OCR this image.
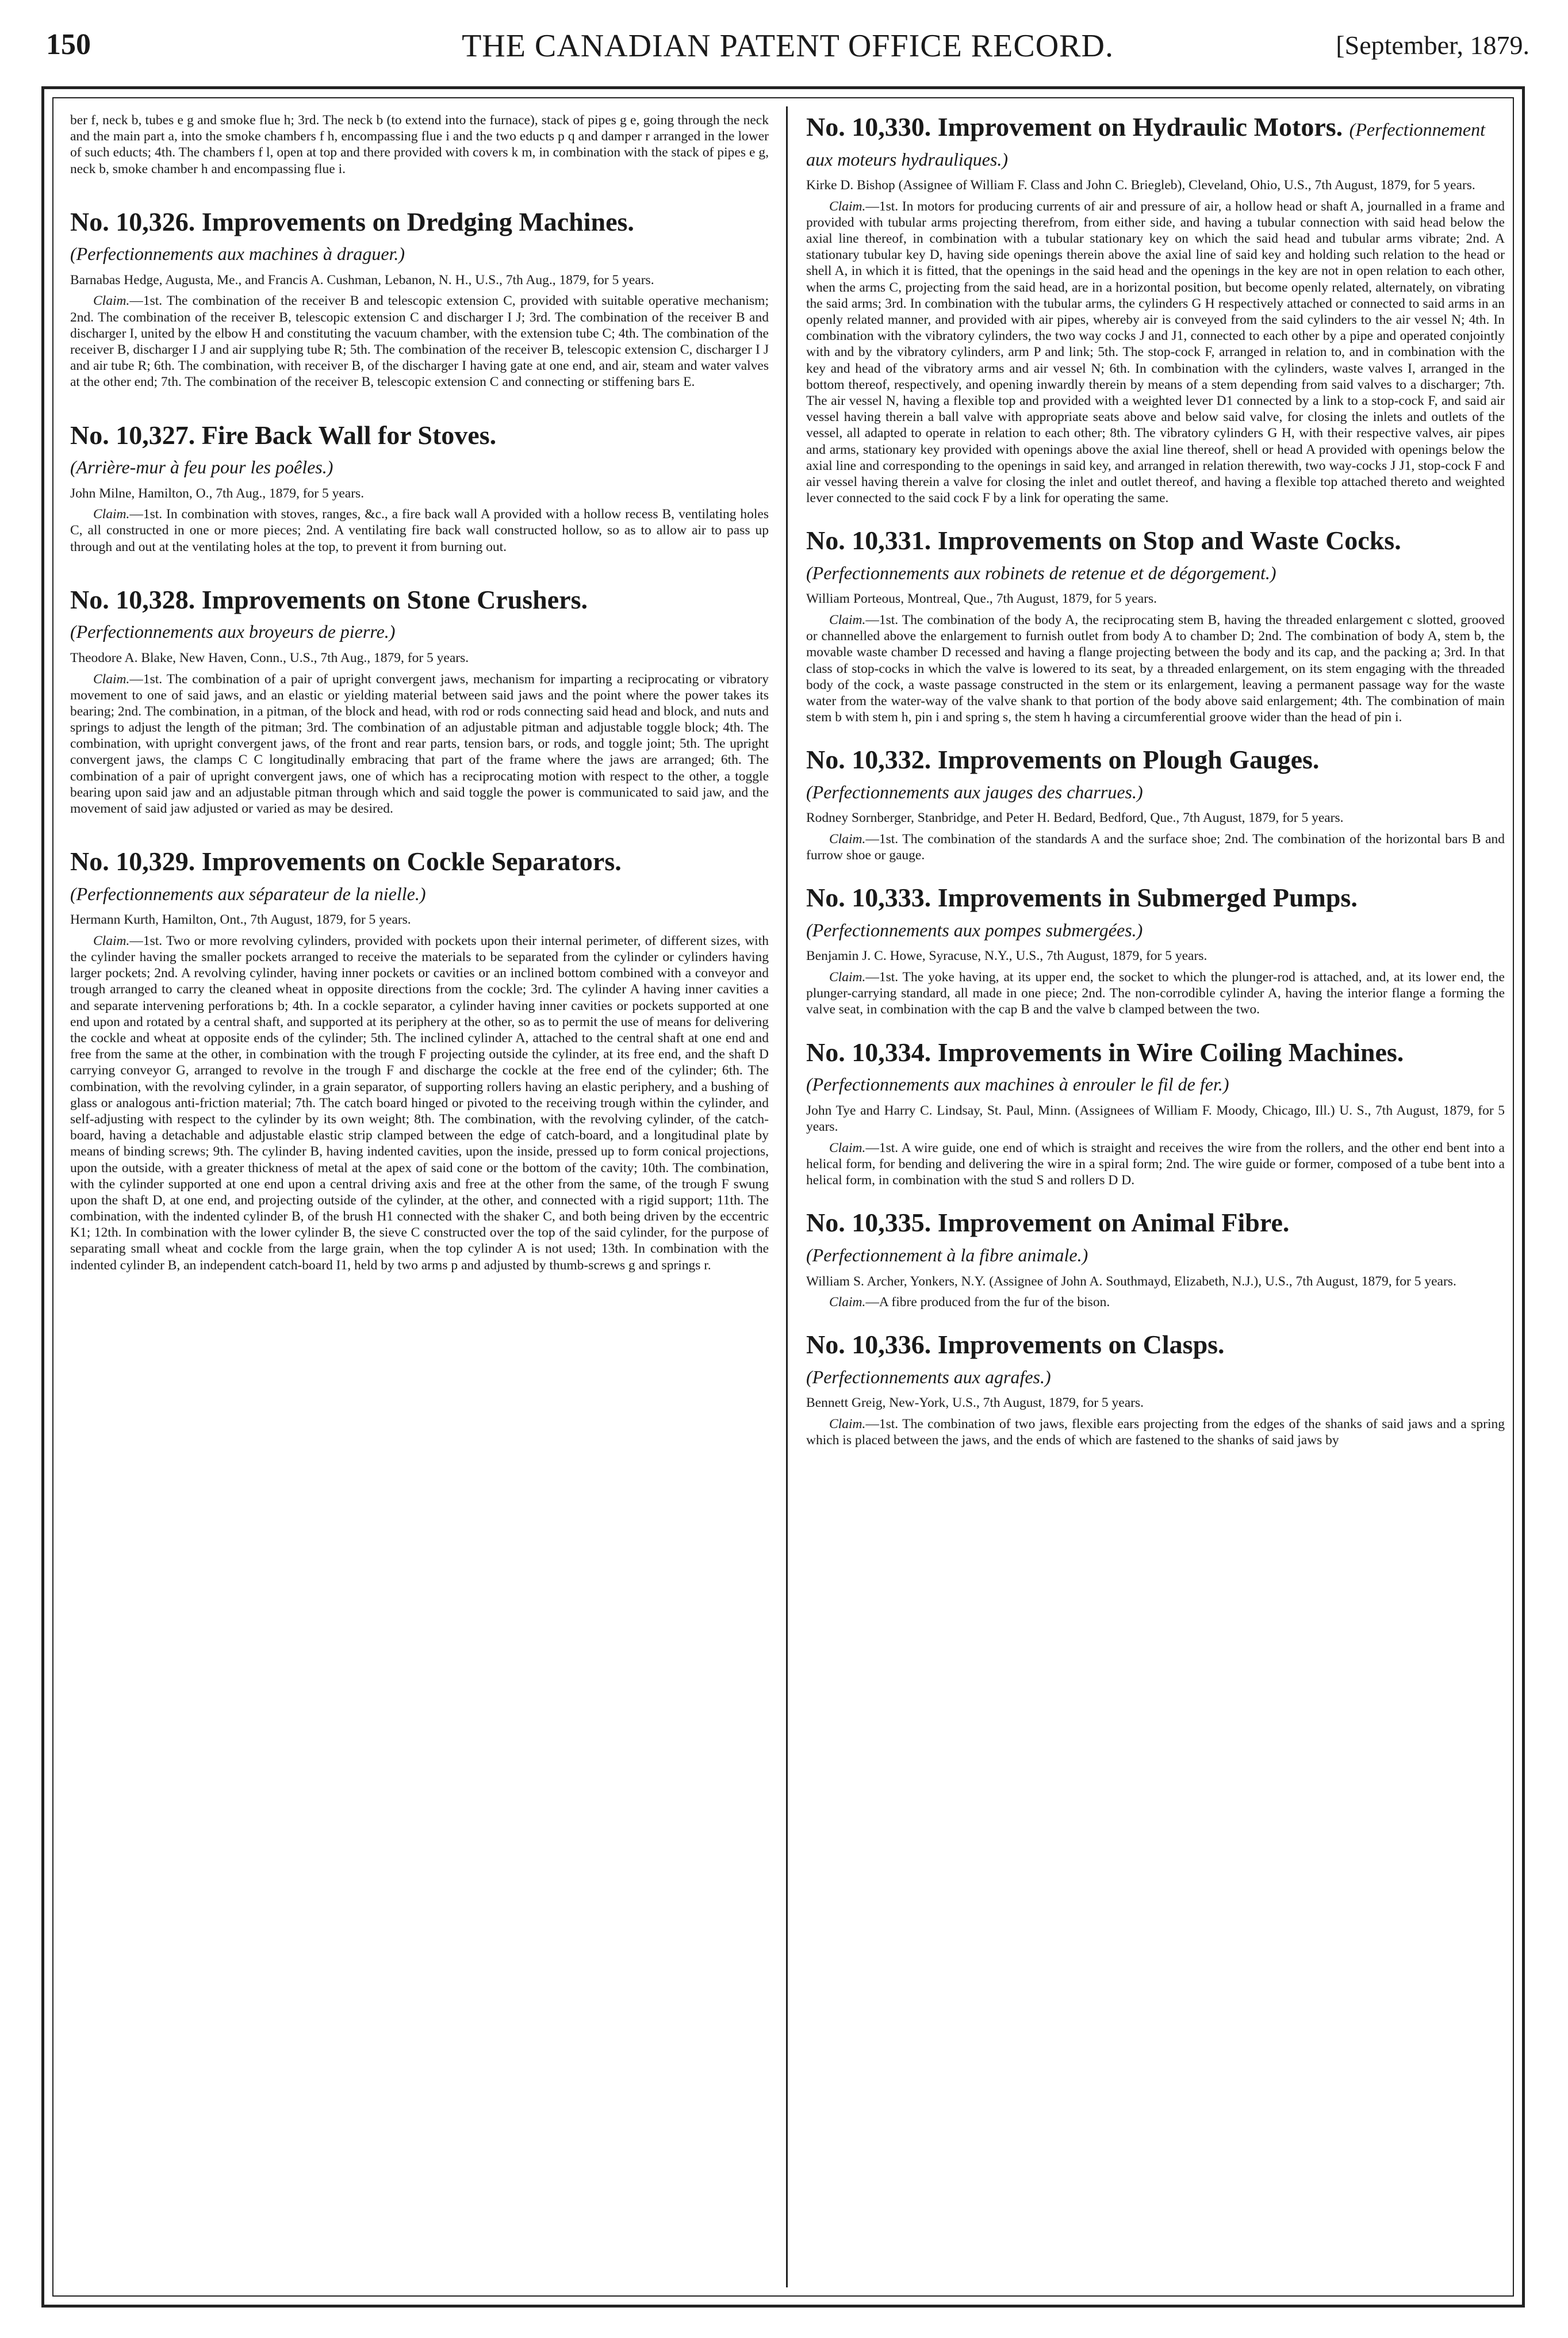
150	THE CANADIAN PATENT OFFICE RECORD.	[September, 1879.

ber f, neck b, tubes e g and smoke flue h; 3rd. The neck b (to extend into the furnace), stack of pipes g e, going through the neck and the main part a, into the smoke chambers f h, encompassing flue i and the two educts p q and damper r arranged in the lower of such educts; 4th. The chambers f l, open at top and there provided with covers k m, in combination with the stack of pipes e g, neck b, smoke chamber h and encompassing flue i.

No. 10,326. Improvements on Dredging Machines. (Perfectionnements aux machines à draguer.)

Barnabas Hedge, Augusta, Me., and Francis A. Cushman, Lebanon, N. H., U.S., 7th Aug., 1879, for 5 years.

Claim.—1st. The combination of the receiver B and telescopic extension C, provided with suitable operative mechanism; 2nd. The combination of the receiver B, telescopic extension C and discharger I J; 3rd. The combination of the receiver B and discharger I, united by the elbow H and constituting the vacuum chamber, with the extension tube C; 4th. The combination of the receiver B, discharger I J and air supplying tube R; 5th. The combination of the receiver B, telescopic extension C, discharger I J and air tube R; 6th. The combination, with receiver B, of the discharger I having gate at one end, and air, steam and water valves at the other end; 7th. The combination of the receiver B, telescopic extension C and connecting or stiffening bars E.

No. 10,327. Fire Back Wall for Stoves.
(Arrière-mur à feu pour les poêles.)

John Milne, Hamilton, O., 7th Aug., 1879, for 5 years.

Claim.—1st. In combination with stoves, ranges, &c., a fire back wall A provided with a hollow recess B, ventilating holes C, all constructed in one or more pieces; 2nd. A ventilating fire back wall constructed hollow, so as to allow air to pass up through and out at the ventilating holes at the top, to prevent it from burning out.

No. 10,328. Improvements on Stone Crushers.
(Perfectionnements aux broyeurs de pierre.)

Theodore A. Blake, New Haven, Conn., U.S., 7th Aug., 1879, for 5 years.

Claim.—1st. The combination of a pair of upright convergent jaws, mechanism for imparting a reciprocating or vibratory movement to one of said jaws, and an elastic or yielding material between said jaws and the point where the power takes its bearing; 2nd. The combination, in a pitman, of the block and head, with rod or rods connecting said head and block, and nuts and springs to adjust the length of the pitman; 3rd. The combination of an adjustable pitman and adjustable toggle block; 4th. The combination, with upright convergent jaws, of the front and rear parts, tension bars, or rods, and toggle joint; 5th. The upright convergent jaws, the clamps C C longitudinally embracing that part of the frame where the jaws are arranged; 6th. The combination of a pair of upright convergent jaws, one of which has a reciprocating motion with respect to the other, a toggle bearing upon said jaw and an adjustable pitman through which and said toggle the power is communicated to said jaw, and the movement of said jaw adjusted or varied as may be desired.

No. 10,329. Improvements on Cockle Separators. (Perfectionnements aux séparateur de la nielle.)

Hermann Kurth, Hamilton, Ont., 7th August, 1879, for 5 years.

Claim.—1st. Two or more revolving cylinders, provided with pockets upon their internal perimeter, of different sizes, with the cylinder having the smaller pockets arranged to receive the materials to be separated from the cylinder or cylinders having larger pockets; 2nd. A revolving cylinder, having inner pockets or cavities or an inclined bottom combined with a conveyor and trough arranged to carry the cleaned wheat in opposite directions from the cockle; 3rd. The cylinder A having inner cavities a and separate intervening perforations b; 4th. In a cockle separator, a cylinder having inner cavities or pockets supported at one end upon and rotated by a central shaft, and supported at its periphery at the other, so as to permit the use of means for delivering the cockle and wheat at opposite ends of the cylinder; 5th. The inclined cylinder A, attached to the central shaft at one end and free from the same at the other, in combination with the trough F projecting outside the cylinder, at its free end, and the shaft D carrying conveyor G, arranged to revolve in the trough F and discharge the cockle at the free end of the cylinder; 6th. The combination, with the revolving cylinder, in a grain separator, of supporting rollers having an elastic periphery, and a bushing of glass or analogous anti-friction material; 7th. The catch board hinged or pivoted to the receiving trough within the cylinder, and self-adjusting with respect to the cylinder by its own weight; 8th. The combination, with the revolving cylinder, of the catch-board, having a detachable and adjustable elastic strip clamped between the edge of catch-board, and a longitudinal plate by means of binding screws; 9th. The cylinder B, having indented cavities, upon the inside, pressed up to form conical projections, upon the outside, with a greater thickness of metal at the apex of said cone or the bottom of the cavity; 10th. The combination, with the cylinder supported at one end upon a central driving axis and free at the other from the same, of the trough F swung upon the shaft D, at one end, and projecting outside of the cylinder, at the other, and connected with a rigid support; 11th. The combination, with the indented cylinder B, of the brush H1 connected with the shaker C, and both being driven by the eccentric K1; 12th. In combination with the lower cylinder B, the sieve C constructed over the top of the said cylinder, for the purpose of separating small wheat and cockle from the large grain, when the top cylinder A is not used; 13th. In combination with the indented cylinder B, an independent catch-board I1, held by two arms p and adjusted by thumb-screws g and springs r.

No. 10,330. Improvement on Hydraulic Motors. (Perfectionnement aux moteurs hydrauliques.)

Kirke D. Bishop (Assignee of William F. Class and John C. Briegleb), Cleveland, Ohio, U.S., 7th August, 1879, for 5 years.

Claim.—1st. In motors for producing currents of air and pressure of air, a hollow head or shaft A, journalled in a frame and provided with tubular arms projecting therefrom, from either side, and having a tubular connection with said head below the axial line thereof, in combination with a tubular stationary key on which the said head and tubular arms vibrate; 2nd. A stationary tubular key D, having side openings therein above the axial line of said key and holding such relation to the head or shell A, in which it is fitted, that the openings in the said head and the openings in the key are not in open relation to each other, when the arms C, projecting from the said head, are in a horizontal position, but become openly related, alternately, on vibrating the said arms; 3rd. In combination with the tubular arms, the cylinders G H respectively attached or connected to said arms in an openly related manner, and provided with air pipes, whereby air is conveyed from the said cylinders to the air vessel N; 4th. In combination with the vibratory cylinders, the two way cocks J and J1, connected to each other by a pipe and operated conjointly with and by the vibratory cylinders, arm P and link; 5th. The stop-cock F, arranged in relation to, and in combination with the key and head of the vibratory arms and air vessel N; 6th. In combination with the cylinders, waste valves I, arranged in the bottom thereof, respectively, and opening inwardly therein by means of a stem depending from said valves to a discharger; 7th. The air vessel N, having a flexible top and provided with a weighted lever D1 connected by a link to a stop-cock F, and said air vessel having therein a ball valve with appropriate seats above and below said valve, for closing the inlets and outlets of the vessel, all adapted to operate in relation to each other; 8th. The vibratory cylinders G H, with their respective valves, air pipes and arms, stationary key provided with openings above the axial line thereof, shell or head A provided with openings below the axial line and corresponding to the openings in said key, and arranged in relation therewith, two way-cocks J J1, stop-cock F and air vessel having therein a valve for closing the inlet and outlet thereof, and having a flexible top attached thereto and weighted lever connected to the said cock F by a link for operating the same.

No. 10,331. Improvements on Stop and Waste Cocks. (Perfectionnements aux robinets de retenue et de dégorgement.)

William Porteous, Montreal, Que., 7th August, 1879, for 5 years.

Claim.—1st. The combination of the body A, the reciprocating stem B, having the threaded enlargement c slotted, grooved or channelled above the enlargement to furnish outlet from body A to chamber D; 2nd. The combination of body A, stem b, the movable waste chamber D recessed and having a flange projecting between the body and its cap, and the packing a; 3rd. In that class of stop-cocks in which the valve is lowered to its seat, by a threaded enlargement, on its stem engaging with the threaded body of the cock, a waste passage constructed in the stem or its enlargement, leaving a permanent passage way for the waste water from the water-way of the valve shank to that portion of the body above said enlargement; 4th. The combination of main stem b with stem h, pin i and spring s, the stem h having a circumferential groove wider than the head of pin i.

No. 10,332. Improvements on Plough Gauges.
(Perfectionnements aux jauges des charrues.)

Rodney Sornberger, Stanbridge, and Peter H. Bedard, Bedford, Que., 7th August, 1879, for 5 years.

Claim.—1st. The combination of the standards A and the surface shoe; 2nd. The combination of the horizontal bars B and furrow shoe or gauge.

No. 10,333. Improvements in Submerged Pumps. (Perfectionnements aux pompes submergées.)

Benjamin J. C. Howe, Syracuse, N.Y., U.S., 7th August, 1879, for 5 years.

Claim.—1st. The yoke having, at its upper end, the socket to which the plunger-rod is attached, and, at its lower end, the plunger-carrying standard, all made in one piece; 2nd. The non-corrodible cylinder A, having the interior flange a forming the valve seat, in combination with the cap B and the valve b clamped between the two.

No. 10,334. Improvements in Wire Coiling Machines. (Perfectionnements aux machines à enrouler le fil de fer.)

John Tye and Harry C. Lindsay, St. Paul, Minn. (Assignees of William F. Moody, Chicago, Ill.) U. S., 7th August, 1879, for 5 years.

Claim.—1st. A wire guide, one end of which is straight and receives the wire from the rollers, and the other end bent into a helical form, for bending and delivering the wire in a spiral form; 2nd. The wire guide or former, composed of a tube bent into a helical form, in combination with the stud S and rollers D D.

No. 10,335. Improvement on Animal Fibre.
(Perfectionnement à la fibre animale.)

William S. Archer, Yonkers, N.Y. (Assignee of John A. Southmayd, Elizabeth, N.J.), U.S., 7th August, 1879, for 5 years.

Claim.—A fibre produced from the fur of the bison.

No. 10,336. Improvements on Clasps.
(Perfectionnements aux agrafes.)

Bennett Greig, New-York, U.S., 7th August, 1879, for 5 years.

Claim.—1st. The combination of two jaws, flexible ears projecting from the edges of the shanks of said jaws and a spring which is placed between the jaws, and the ends of which are fastened to the shanks of said jaws by
